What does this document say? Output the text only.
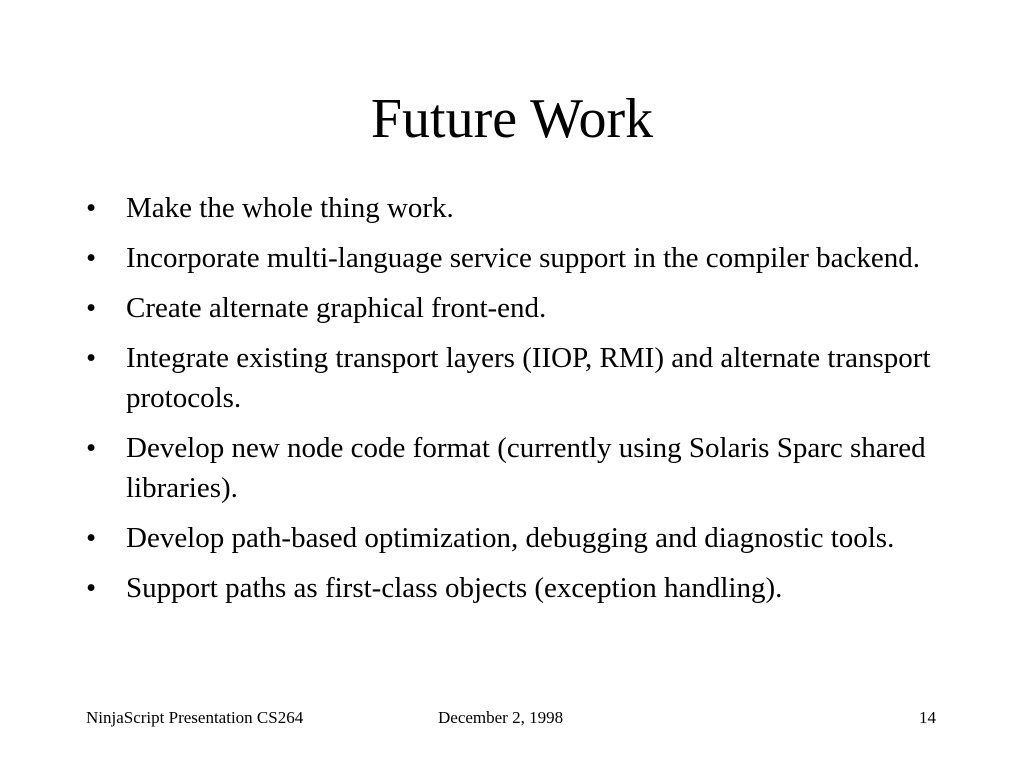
Future Work
• Make the whole thing work.
• Incorporate multi-language service support in the compiler backend.
• Create alternate graphical front-end.
• Integrate existing transport layers (IIOP, RMI) and alternate transport protocols.
• Develop new node code format (currently using Solaris Sparc shared libraries).
• Develop path-based optimization, debugging and diagnostic tools.
• Support paths as first-class objects (exception handling).
NinjaScript Presentation CS264	December 2, 1998	14
